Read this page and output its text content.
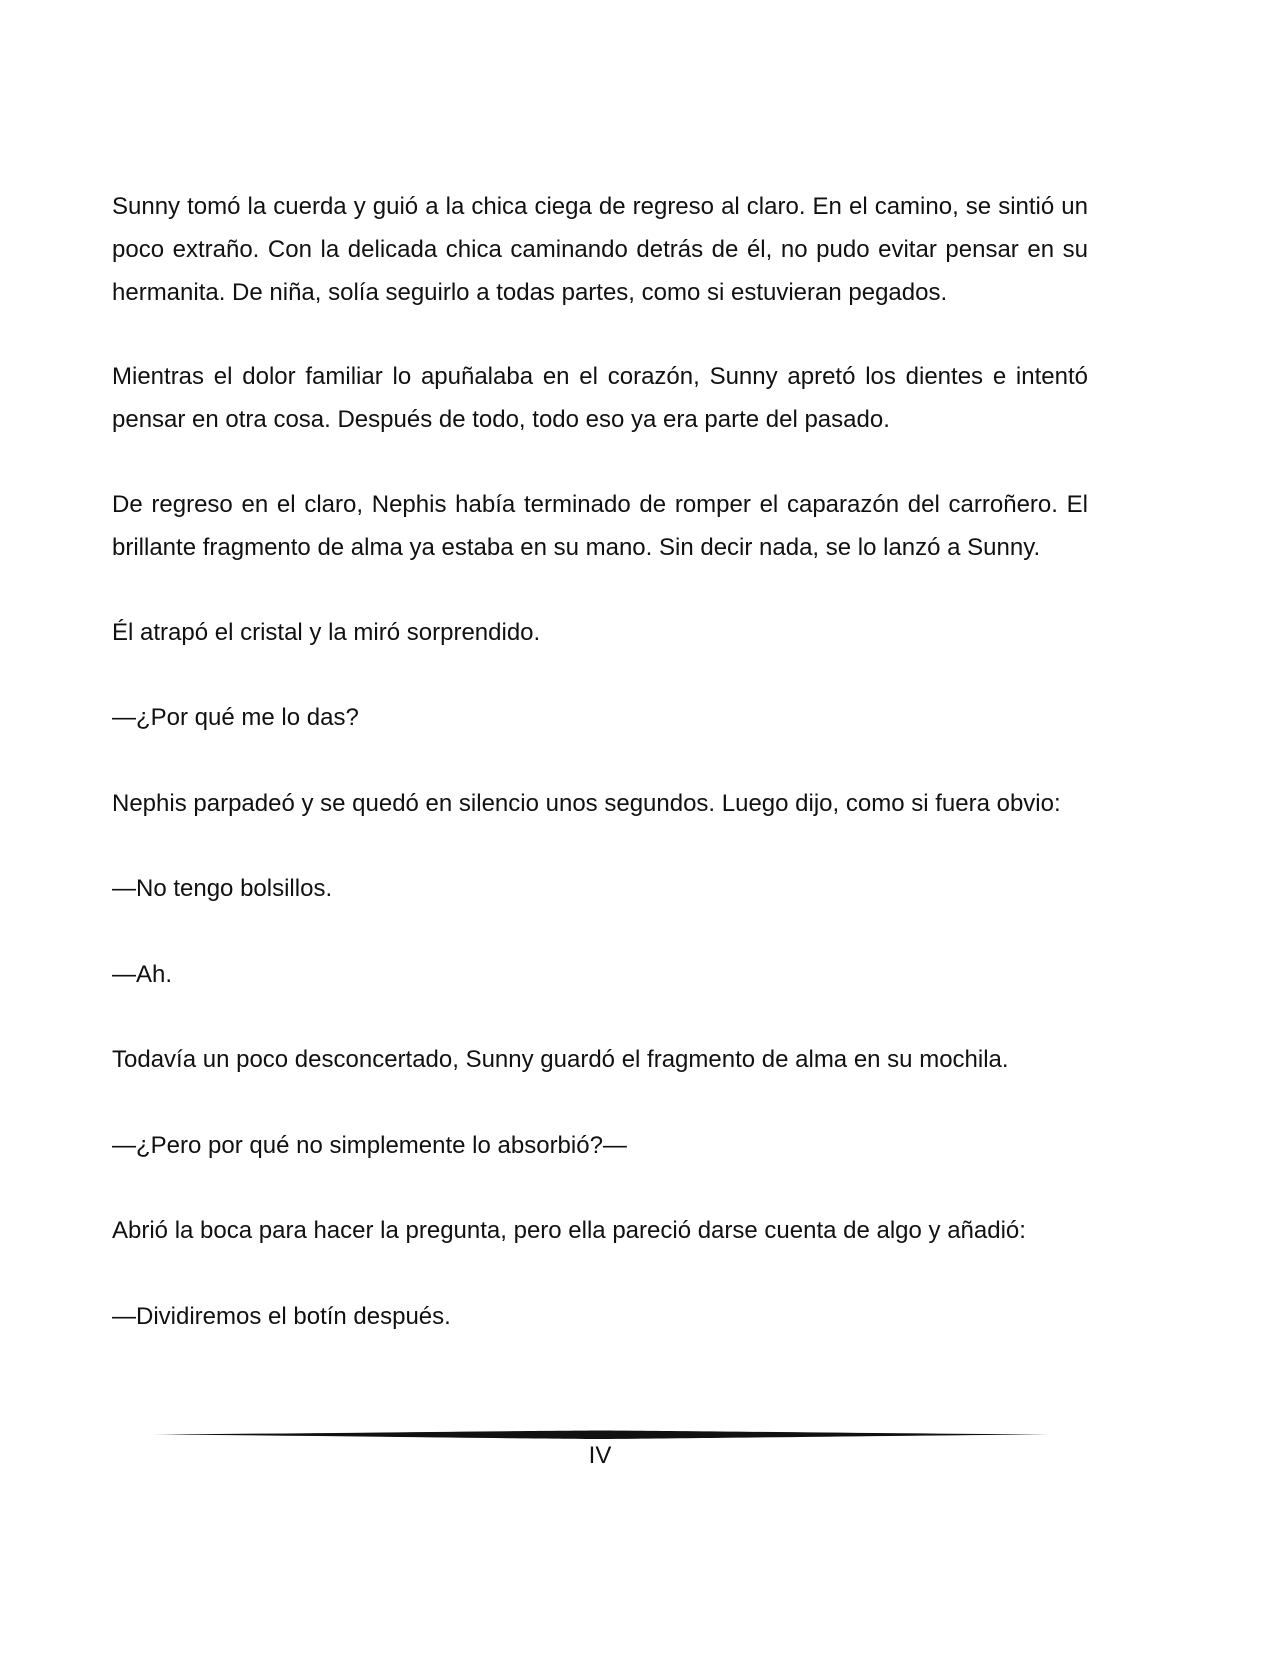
Sunny tomó la cuerda y guió a la chica ciega de regreso al claro. En el camino, se sintió un poco extraño. Con la delicada chica caminando detrás de él, no pudo evitar pensar en su hermanita. De niña, solía seguirlo a todas partes, como si estuvieran pegados.

Mientras el dolor familiar lo apuñalaba en el corazón, Sunny apretó los dientes e intentó pensar en otra cosa. Después de todo, todo eso ya era parte del pasado.

De regreso en el claro, Nephis había terminado de romper el caparazón del carroñero. El brillante fragmento de alma ya estaba en su mano. Sin decir nada, se lo lanzó a Sunny.

Él atrapó el cristal y la miró sorprendido.

—¿Por qué me lo das?

Nephis parpadeó y se quedó en silencio unos segundos. Luego dijo, como si fuera obvio:

—No tengo bolsillos.

—Ah.

Todavía un poco desconcertado, Sunny guardó el fragmento de alma en su mochila.

—¿Pero por qué no simplemente lo absorbió?—

Abrió la boca para hacer la pregunta, pero ella pareció darse cuenta de algo y añadió:

—Dividiremos el botín después.

IV
